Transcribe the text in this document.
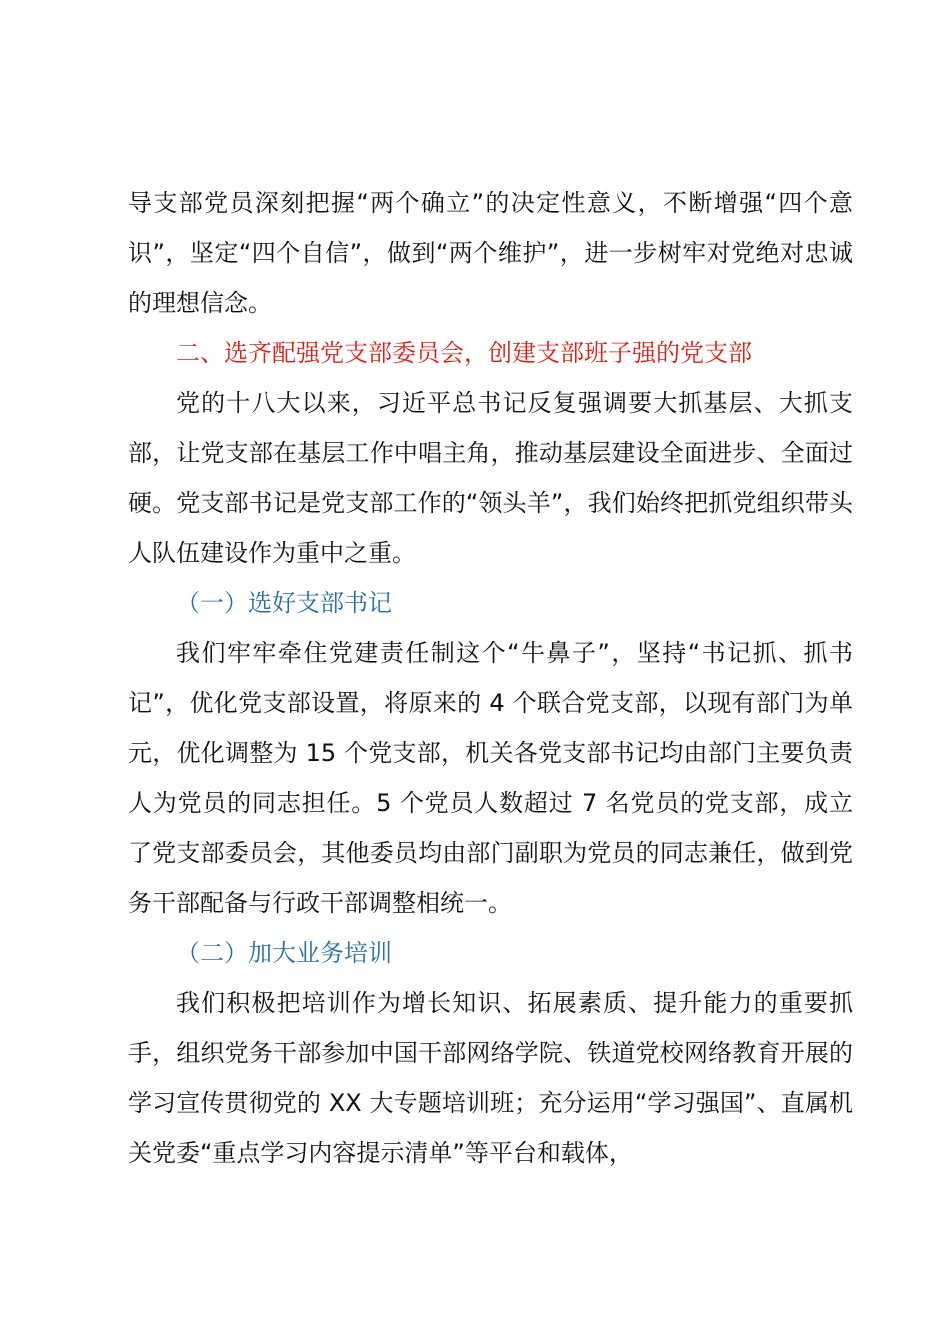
导支部党员深刻把握“两个确立”的决定性意义，不断增强“四个意识”，坚定“四个自信”，做到“两个维护”，进一步树牢对党绝对忠诚的理想信念。

二、选齐配强党支部委员会，创建支部班子强的党支部

党的十八大以来，习近平总书记反复强调要大抓基层、大抓支部，让党支部在基层工作中唱主角，推动基层建设全面进步、全面过硬。党支部书记是党支部工作的“领头羊”，我们始终把抓党组织带头人队伍建设作为重中之重。

（一）选好支部书记

我们牢牢牵住党建责任制这个“牛鼻子”，坚持“书记抓、抓书记”，优化党支部设置，将原来的 4 个联合党支部，以现有部门为单元，优化调整为 15 个党支部，机关各党支部书记均由部门主要负责人为党员的同志担任。5 个党员人数超过 7 名党员的党支部，成立了党支部委员会，其他委员均由部门副职为党员的同志兼任，做到党务干部配备与行政干部调整相统一。

（二）加大业务培训

我们积极把培训作为增长知识、拓展素质、提升能力的重要抓手，组织党务干部参加中国干部网络学院、铁道党校网络教育开展的学习宣传贯彻党的 XX 大专题培训班；充分运用“学习强国”、直属机关党委“重点学习内容提示清单”等平台和载体，
